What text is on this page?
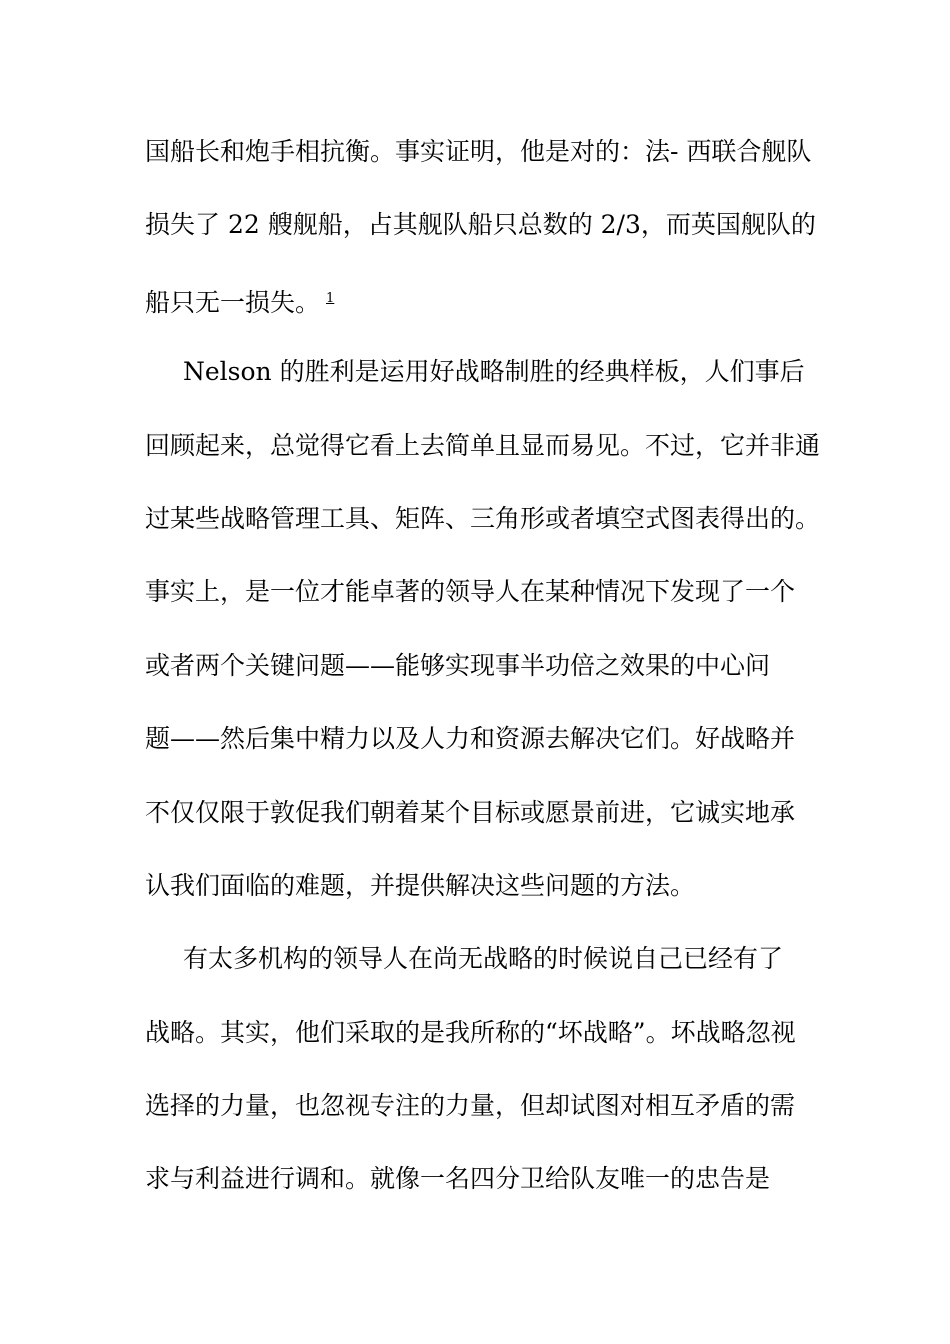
国船长和炮手相抗衡。事实证明，他是对的：法- 西联合舰队
损失了 22 艘舰船，占其舰队船只总数的 2/3，而英国舰队的
船只无一损失。 $^1$
Nelson 的胜利是运用好战略制胜的经典样板，人们事后
回顾起来，总觉得它看上去简单且显而易见。不过，它并非通
过某些战略管理工具、矩阵、三角形或者填空式图表得出的。
事实上，是一位才能卓著的领导人在某种情况下发现了一个
或者两个关键问题——能够实现事半功倍之效果的中心问
题——然后集中精力以及人力和资源去解决它们。好战略并
不仅仅限于敦促我们朝着某个目标或愿景前进，它诚实地承
认我们面临的难题，并提供解决这些问题的方法。
有太多机构的领导人在尚无战略的时候说自己已经有了
战略。其实，他们采取的是我所称的“坏战略”。坏战略忽视
选择的力量，也忽视专注的力量，但却试图对相互矛盾的需
求与利益进行调和。就像一名四分卫给队友唯一的忠告是
